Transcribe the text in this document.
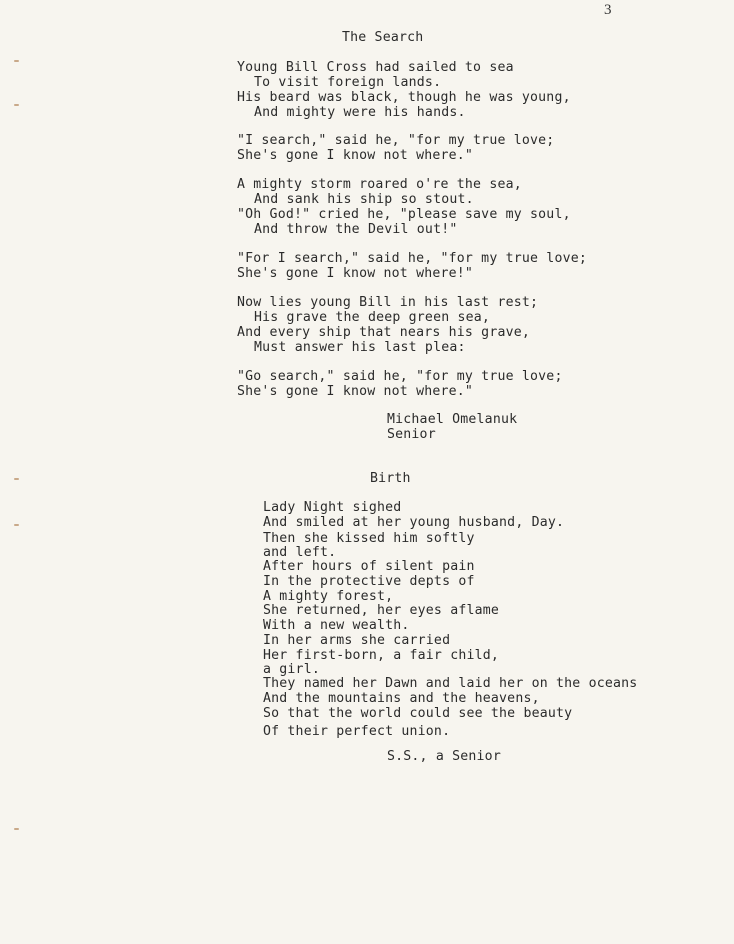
3
The Search
Young Bill Cross had sailed to sea
To visit foreign lands.
His beard was black, though he was young,
And mighty were his hands.
"I search," said he, "for my true love;
She's gone I know not where."
A mighty storm roared o're the sea,
And sank his ship so stout.
"Oh God!" cried he, "please save my soul,
And throw the Devil out!"
"For I search," said he, "for my true love;
She's gone I know not where!"
Now lies young Bill in his last rest;
His grave the deep green sea,
And every ship that nears his grave,
Must answer his last plea:
"Go search," said he, "for my true love;
She's gone I know not where."
Michael Omelanuk
Senior
Birth
Lady Night sighed
And smiled at her young husband, Day.
Then she kissed him softly
and left.
After hours of silent pain
In the protective depts of
A mighty forest,
She returned, her eyes aflame
With a new wealth.
In her arms she carried
Her first-born, a fair child,
a girl.
They named her Dawn and laid her on the oceans
And the mountains and the heavens,
So that the world could see the beauty
Of their perfect union.
S.S., a Senior
